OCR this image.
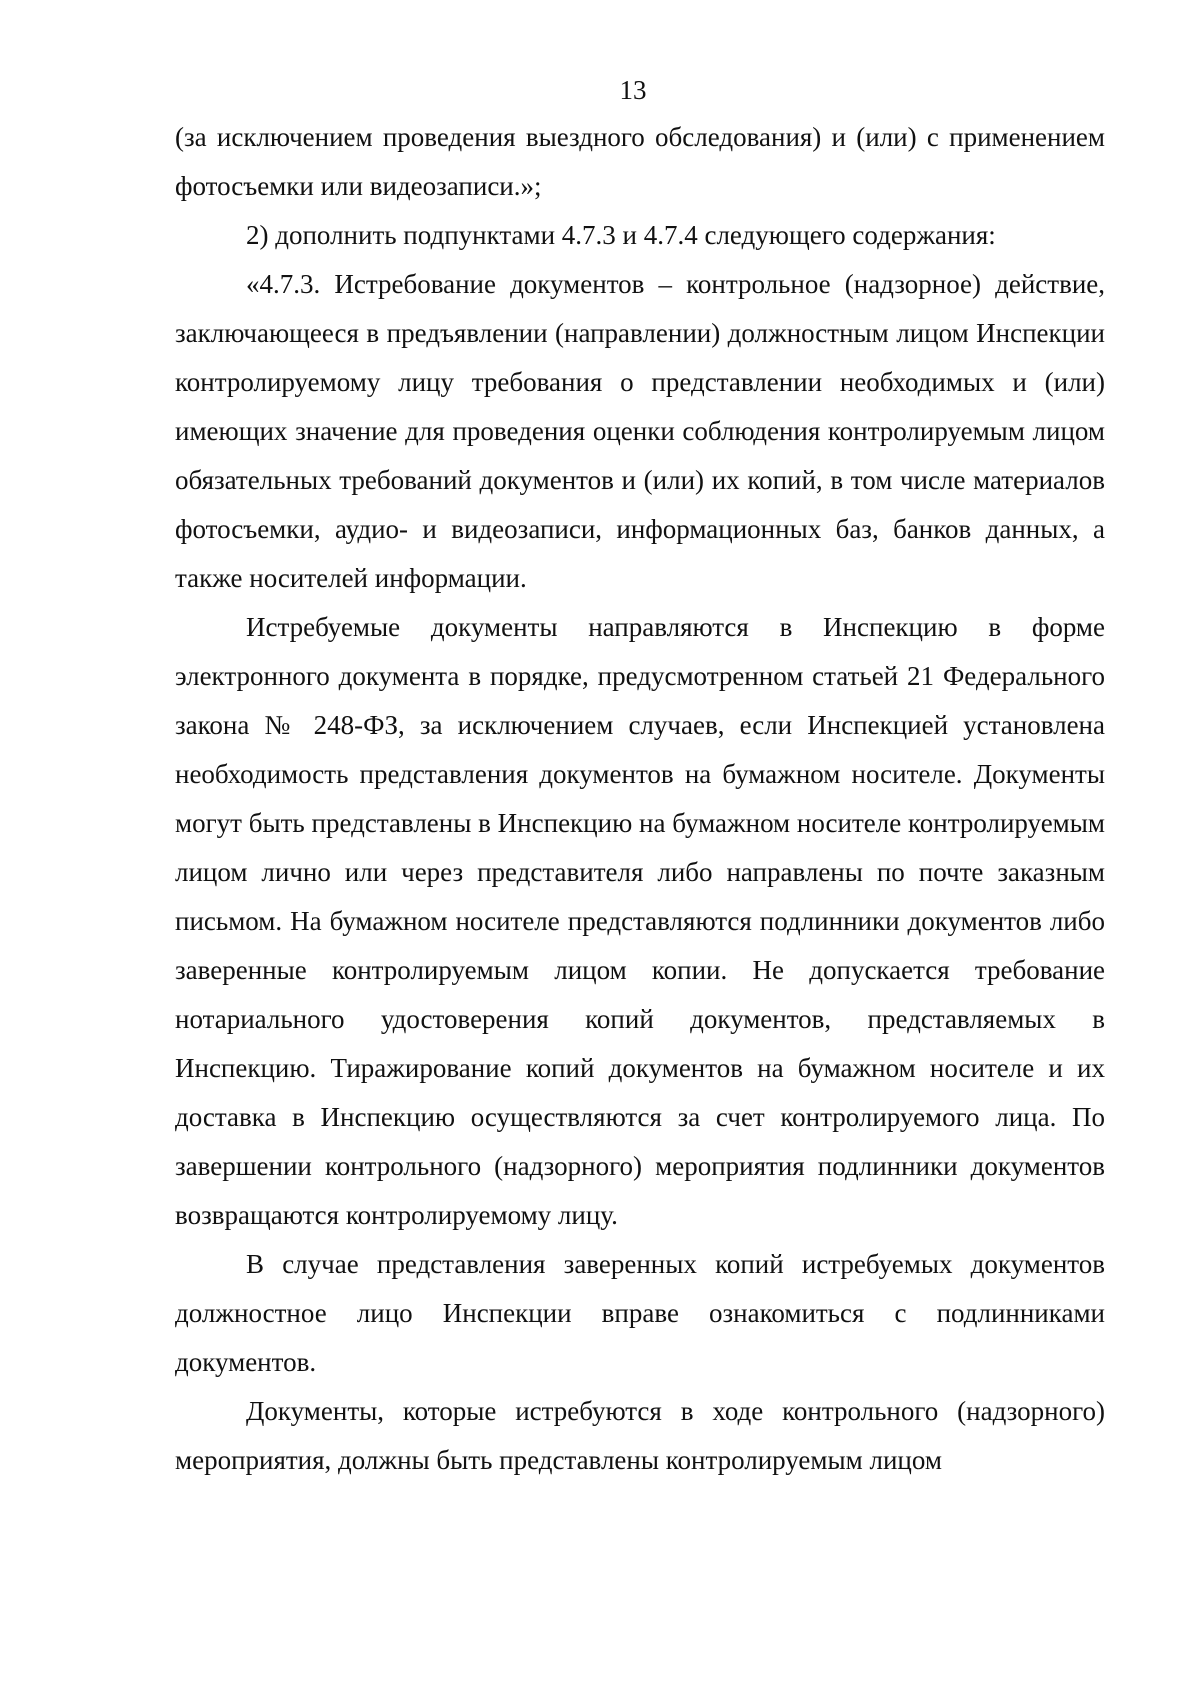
13

(за исключением проведения выездного обследования) и (или) с применением фотосъемки или видеозаписи.»;

2) дополнить подпунктами 4.7.3 и 4.7.4 следующего содержания:

«4.7.3. Истребование документов – контрольное (надзорное) действие, заключающееся в предъявлении (направлении) должностным лицом Инспекции контролируемому лицу требования о представлении необходимых и (или) имеющих значение для проведения оценки соблюдения контролируемым лицом обязательных требований документов и (или) их копий, в том числе материалов фотосъемки, аудио- и видеозаписи, информационных баз, банков данных, а также носителей информации.

Истребуемые документы направляются в Инспекцию в форме электронного документа в порядке, предусмотренном статьей 21 Федерального закона № 248-ФЗ, за исключением случаев, если Инспекцией установлена необходимость представления документов на бумажном носителе. Документы могут быть представлены в Инспекцию на бумажном носителе контролируемым лицом лично или через представителя либо направлены по почте заказным письмом. На бумажном носителе представляются подлинники документов либо заверенные контролируемым лицом копии. Не допускается требование нотариального удостоверения копий документов, представляемых в Инспекцию. Тиражирование копий документов на бумажном носителе и их доставка в Инспекцию осуществляются за счет контролируемого лица. По завершении контрольного (надзорного) мероприятия подлинники документов возвращаются контролируемому лицу.

В случае представления заверенных копий истребуемых документов должностное лицо Инспекции вправе ознакомиться с подлинниками документов.

Документы, которые истребуются в ходе контрольного (надзорного) мероприятия, должны быть представлены контролируемым лицом
